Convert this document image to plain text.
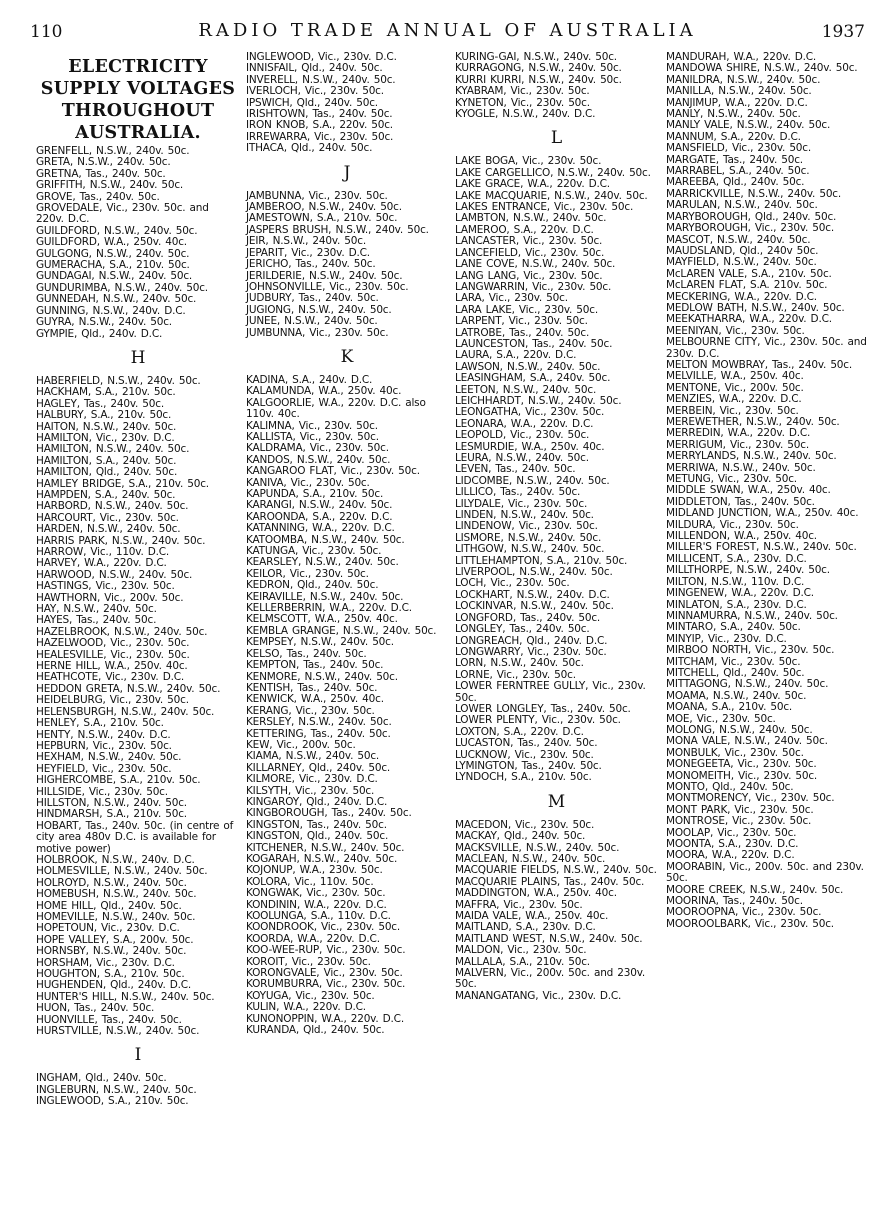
110	RADIO TRADE ANNUAL OF AUSTRALIA	1937
ELECTRICITY SUPPLY VOLTAGES
THROUGHOUT AUSTRALIA.
GRENFELL, N.S.W., 240v. 50c.
GRETA, N.S.W., 240v. 50c.
GRETNA, Tas., 240v. 50c.
GRIFFITH, N.S.W., 240v. 50c.
GROVE, Tas., 240v. 50c.
GROVEDALE, Vic., 230v. 50c. and 220v. D.C.
GUILDFORD, N.S.W., 240v. 50c.
GUILDFORD, W.A., 250v. 40c.
GULGONG, N.S.W., 240v. 50c.
GUMERACHA, S.A., 210v. 50c.
GUNDAGAI, N.S.W., 240v. 50c.
GUNDURIMBA, N.S.W., 240v. 50c.
GUNNEDAH, N.S.W., 240v. 50c.
GUNNING, N.S.W., 240v. D.C.
GUYRA, N.S.W., 240v. 50c.
GYMPIE, Qld., 240v. D.C.
H
HABERFIELD, N.S.W., 240v. 50c.
HACKHAM, S.A., 210v. 50c.
HAGLEY, Tas., 240v. 50c.
HALBURY, S.A., 210v. 50c.
HAITON, N.S.W., 240v. 50c.
HAMILTON, Vic., 230v. D.C.
HAMILTON, N.S.W., 240v. 50c.
HAMILTON, S.A., 240v. 50c.
HAMILTON, Qld., 240v. 50c.
HAMLEY BRIDGE, S.A., 210v. 50c.
HAMPDEN, S.A., 240v. 50c.
HARBORD, N.S.W., 240v. 50c.
HARCOURT, Vic., 230v. 50c.
HARDEN, N.S.W., 240v. 50c.
HARRIS PARK, N.S.W., 240v. 50c.
HARROW, Vic., 110v. D.C.
HARVEY, W.A., 220v. D.C.
HARWOOD, N.S.W., 240v. 50c.
HASTINGS, Vic., 230v. 50c.
HAWTHORN, Vic., 200v. 50c.
HAY, N.S.W., 240v. 50c.
HAYES, Tas., 240v. 50c.
HAZELBROOK, N.S.W., 240v. 50c.
HAZELWOOD, Vic., 230v. 50c.
HEALESVILLE, Vic., 230v. 50c.
HERNE HILL, W.A., 250v. 40c.
HEATHCOTE, Vic., 230v. D.C.
HEDDON GRETA, N.S.W., 240v. 50c.
HEIDELBURG, Vic., 230v. 50c.
HELENSBURGH, N.S.W., 240v. 50c.
HENLEY, S.A., 210v. 50c.
HENTY, N.S.W., 240v. D.C.
HEPBURN, Vic., 230v. 50c.
HEXHAM, N.S.W., 240v. 50c.
HEYFIELD, Vic., 230v. 50c.
HIGHERCOMBE, S.A., 210v. 50c.
HILLSIDE, Vic., 230v. 50c.
HILLSTON, N.S.W., 240v. 50c.
HINDMARSH, S.A., 210v. 50c.
HOBART, Tas., 240v. 50c. (in centre of city area 480v D.C. is available for motive power)
HOLBROOK, N.S.W., 240v. D.C.
HOLMESVILLE, N.S.W., 240v. 50c.
HOLROYD, N.S.W., 240v. 50c.
HOMEBUSH, N.S.W., 240v. 50c.
HOME HILL, Qld., 240v. 50c.
HOMEVILLE, N.S.W., 240v. 50c.
HOPETOUN, Vic., 230v. D.C.
HOPE VALLEY, S.A., 200v. 50c.
HORNSBY, N.S.W., 240v. 50c.
HORSHAM, Vic., 230v. D.C.
HOUGHTON, S.A., 210v. 50c.
HUGHENDEN, Qld., 240v. D.C.
HUNTER'S HILL, N.S.W., 240v. 50c.
HUON, Tas., 240v. 50c.
HUONVILLE, Tas., 240v. 50c.
HURSTVILLE, N.S.W., 240v. 50c.
I
INGHAM, Qld., 240v. 50c.
INGLEBURN, N.S.W., 240v. 50c.
INGLEWOOD, S.A., 210v. 50c.
INGLEWOOD, Vic., 230v. D.C.
INNISFAIL, Qld., 240v. 50c.
INVERELL, N.S.W., 240v. 50c.
IVERLOCH, Vic., 230v. 50c.
IPSWICH, Qld., 240v. 50c.
IRISHTOWN, Tas., 240v. 50c.
IRON KNOB, S.A., 220v. 50c.
IRREWARRA, Vic., 230v. 50c.
ITHACA, Qld., 240v. 50c.
J
JAMBUNNA, Vic., 230v. 50c.
JAMBEROO, N.S.W., 240v. 50c.
JAMESTOWN, S.A., 210v. 50c.
JASPERS BRUSH, N.S.W., 240v. 50c.
JEIR, N.S.W., 240v. 50c.
JEPARIT, Vic., 230v. D.C.
JERICHO, Tas., 240v. 50c.
JERILDERIE, N.S.W., 240v. 50c.
JOHNSONVILLE, Vic., 230v. 50c.
JUDBURY, Tas., 240v. 50c.
JUGIONG, N.S.W., 240v. 50c.
JUNEE, N.S.W., 240v. 50c.
JUMBUNNA, Vic., 230v. 50c.
K
KADINA, S.A., 240v. D.C.
KALAMUNDA, W.A., 250v. 40c.
KALGOORLIE, W.A., 220v. D.C. also 110v. 40c.
KALIMNA, Vic., 230v. 50c.
KALLISTA, Vic., 230v. 50c.
KALDRAMA, Vic., 230v. 50c.
KANDOS, N.S.W., 240v. 50c.
KANGAROO FLAT, Vic., 230v. 50c.
KANIVA, Vic., 230v. 50c.
KAPUNDA, S.A., 210v. 50c.
KARANGI, N.S.W., 240v. 50c.
KAROONDA, S.A., 220v. D.C.
KATANNING, W.A., 220v. D.C.
KATOOMBA, N.S.W., 240v. 50c.
KATUNGA, Vic., 230v. 50c.
KEARSLEY, N.S.W., 240v. 50c.
KEILOR, Vic., 230v. 50c.
KEDRON, Qld., 240v. 50c.
KEIRAVILLE, N.S.W., 240v. 50c.
KELLERBERRIN, W.A., 220v. D.C.
KELMSCOTT, W.A., 250v. 40c.
KEMBLA GRANGE, N.S.W., 240v. 50c.
KEMPSEY, N.S.W., 240v. 50c.
KELSO, Tas., 240v. 50c.
KEMPTON, Tas., 240v. 50c.
KENMORE, N.S.W., 240v. 50c.
KENTISH, Tas., 240v. 50c.
KENWICK, W.A., 250v. 40c.
KERANG, Vic., 230v. 50c.
KERSLEY, N.S.W., 240v. 50c.
KETTERING, Tas., 240v. 50c.
KEW, Vic., 200v. 50c.
KIAMA, N.S.W., 240v. 50c.
KILLARNEY, Qld., 240v. 50c.
KILMORE, Vic., 230v. D.C.
KILSYTH, Vic., 230v. 50c.
KINGAROY, Qld., 240v. D.C.
KINGBOROUGH, Tas., 240v. 50c.
KINGSTON, Tas., 240v. 50c.
KINGSTON, Qld., 240v. 50c.
KITCHENER, N.S.W., 240v. 50c.
KOGARAH, N.S.W., 240v. 50c.
KOJONUP, W.A., 230v. 50c.
KOLORA, Vic., 110v. 50c.
KONGWAK, Vic., 230v. 50c.
KONDININ, W.A., 220v. D.C.
KOOLUNGA, S.A., 110v. D.C.
KOONDROOK, Vic., 230v. 50c.
KOORDA, W.A., 220v. D.C.
KOO-WEE-RUP, Vic., 230v. 50c.
KOROIT, Vic., 230v. 50c.
KORONGVALE, Vic., 230v. 50c.
KORUMBURRA, Vic., 230v. 50c.
KOYUGA, Vic., 230v. 50c.
KULIN, W.A., 220v. D.C.
KUNONOPPIN, W.A., 220v. D.C.
KURANDA, Qld., 240v. 50c.
KURING-GAI, N.S.W., 240v. 50c.
KURRAGONG, N.S.W., 240v. 50c.
KURRI KURRI, N.S.W., 240v. 50c.
KYABRAM, Vic., 230v. 50c.
KYNETON, Vic., 230v. 50c.
KYOGLE, N.S.W., 240v. D.C.
L
LAKE BOGA, Vic., 230v. 50c.
LAKE CARGELLICO, N.S.W., 240v. 50c.
LAKE GRACE, W.A., 220v. D.C.
LAKE MACQUARIE, N.S.W., 240v. 50c.
LAKES ENTRANCE, Vic., 230v. 50c.
LAMBTON, N.S.W., 240v. 50c.
LAMEROO, S.A., 220v. D.C.
LANCASTER, Vic., 230v. 50c.
LANCEFIELD, Vic., 230v. 50c.
LANE COVE, N.S.W., 240v. 50c.
LANG LANG, Vic., 230v. 50c.
LANGWARRIN, Vic., 230v. 50c.
LARA, Vic., 230v. 50c.
LARA LAKE, Vic., 230v. 50c.
LARPENT, Vic., 230v. 50c.
LATROBE, Tas., 240v. 50c.
LAUNCESTON, Tas., 240v. 50c.
LAURA, S.A., 220v. D.C.
LAWSON, N.S.W., 240v. 50c.
LEASINGHAM, S.A., 240v. 50c.
LEETON, N.S.W., 240v. 50c.
LEICHHARDT, N.S.W., 240v. 50c.
LEONGATHA, Vic., 230v. 50c.
LEONARA, W.A., 220v. D.C.
LEOPOLD, Vic., 230v. 50c.
LESMURDIE, W.A., 250v. 40c.
LEURA, N.S.W., 240v. 50c.
LEVEN, Tas., 240v. 50c.
LIDCOMBE, N.S.W., 240v. 50c.
LILLICO, Tas., 240v. 50c.
LILYDALE, Vic., 230v. 50c.
LINDEN, N.S.W., 240v. 50c.
LINDENOW, Vic., 230v. 50c.
LISMORE, N.S.W., 240v. 50c.
LITHGOW, N.S.W., 240v. 50c.
LITTLEHAMPTON, S.A., 210v. 50c.
LIVERPOOL, N.S.W., 240v. 50c.
LOCH, Vic., 230v. 50c.
LOCKHART, N.S.W., 240v. D.C.
LOCKINVAR, N.S.W., 240v. 50c.
LONGFORD, Tas., 240v. 50c.
LONGLEY, Tas., 240v. 50c.
LONGREACH, Qld., 240v. D.C.
LONGWARRY, Vic., 230v. 50c.
LORN, N.S.W., 240v. 50c.
LORNE, Vic., 230v. 50c.
LOWER FERNTREE GULLY, Vic., 230v. 50c.
LOWER LONGLEY, Tas., 240v. 50c.
LOWER PLENTY, Vic., 230v. 50c.
LOXTON, S.A., 220v. D.C.
LUCASTON, Tas., 240v. 50c.
LUCKNOW, Vic., 230v. 50c.
LYMINGTON, Tas., 240v. 50c.
LYNDOCH, S.A., 210v. 50c.
M
MACEDON, Vic., 230v. 50c.
MACKAY, Qld., 240v. 50c.
MACKSVILLE, N.S.W., 240v. 50c.
MACLEAN, N.S.W., 240v. 50c.
MACQUARIE FIELDS, N.S.W., 240v. 50c.
MACQUARIE PLAINS, Tas., 240v. 50c.
MADDINGTON, W.A., 250v. 40c.
MAFFRA, Vic., 230v. 50c.
MAIDA VALE, W.A., 250v. 40c.
MAITLAND, S.A., 230v. D.C.
MAITLAND WEST, N.S.W., 240v. 50c.
MALDON, Vic., 230v. 50c.
MALLALA, S.A., 210v. 50c.
MALVERN, Vic., 200v. 50c. and 230v. 50c.
MANANGATANG, Vic., 230v. D.C.
MANDURAH, W.A., 220v. D.C.
MANDOWA SHIRE, N.S.W., 240v. 50c.
MANILDRA, N.S.W., 240v. 50c.
MANILLA, N.S.W., 240v. 50c.
MANJIMUP, W.A., 220v. D.C.
MANLY, N.S.W., 240v. 50c.
MANLY VALE, N.S.W., 240v. 50c.
MANNUM, S.A., 220v. D.C.
MANSFIELD, Vic., 230v. 50c.
MARGATE, Tas., 240v. 50c.
MARRABEL, S.A., 240v. 50c.
MAREEBA, Qld., 240v. 50c.
MARRICKVILLE, N.S.W., 240v. 50c.
MARULAN, N.S.W., 240v. 50c.
MARYBOROUGH, Qld., 240v. 50c.
MARYBOROUGH, Vic., 230v. 50c.
MASCOT, N.S.W., 240v. 50c.
MAUDSLAND, Qld., 240v 50c.
MAYFIELD, N.S.W., 240v. 50c.
McLAREN VALE, S.A., 210v. 50c.
McLAREN FLAT, S.A. 210v. 50c.
MECKERING, W.A., 220v. D.C.
MEDLOW BATH, N.S.W., 240v. 50c.
MEEKATHARRA, W.A., 220v. D.C.
MEENIYAN, Vic., 230v. 50c.
MELBOURNE CITY, Vic., 230v. 50c. and 230v. D.C.
MELTON MOWBRAY, Tas., 240v. 50c.
MELVILLE, W.A., 250v. 40c.
MENTONE, Vic., 200v. 50c.
MENZIES, W.A., 220v. D.C.
MERBEIN, Vic., 230v. 50c.
MEREWETHER, N.S.W., 240v. 50c.
MERREDIN, W.A., 220v. D.C.
MERRIGUM, Vic., 230v. 50c.
MERRYLANDS, N.S.W., 240v. 50c.
MERRIWA, N.S.W., 240v. 50c.
METUNG, Vic., 230v. 50c.
MIDDLE SWAN, W.A., 250v. 40c.
MIDDLETON, Tas., 240v. 50c.
MIDLAND JUNCTION, W.A., 250v. 40c.
MILDURA, Vic., 230v. 50c.
MILLENDON, W.A., 250v. 40c.
MILLER'S FOREST, N.S.W., 240v. 50c.
MILLICENT, S.A., 230v. D.C.
MILLTHORPE, N.S.W., 240v. 50c.
MILTON, N.S.W., 110v. D.C.
MINGENEW, W.A., 220v. D.C.
MINLATON, S.A., 230v. D.C.
MINNAMURRA, N.S.W., 240v. 50c.
MINTARO, S.A., 240v. 50c.
MINYIP, Vic., 230v. D.C.
MIRBOO NORTH, Vic., 230v. 50c.
MITCHAM, Vic., 230v. 50c.
MITCHELL, Qld., 240v. 50c.
MITTAGONG, N.S.W., 240v. 50c.
MOAMA, N.S.W., 240v. 50c.
MOANA, S.A., 210v. 50c.
MOE, Vic., 230v. 50c.
MOLONG, N.S.W., 240v. 50c.
MONA VALE, N.S.W., 240v. 50c.
MONBULK, Vic., 230v. 50c.
MONEGEETA, Vic., 230v. 50c.
MONOMEITH, Vic., 230v. 50c.
MONTO, Qld., 240v. 50c.
MONTMORENCY, Vic., 230v. 50c.
MONT PARK, Vic., 230v. 50c.
MONTROSE, Vic., 230v. 50c.
MOOLAP, Vic., 230v. 50c.
MOONTA, S.A., 230v. D.C.
MOORA, W.A., 220v. D.C.
MOORABIN, Vic., 200v. 50c. and 230v. 50c.
MOORE CREEK, N.S.W., 240v. 50c.
MOORINA, Tas., 240v. 50c.
MOOROOPNA, Vic., 230v. 50c.
MOOROOLBARK, Vic., 230v. 50c.
